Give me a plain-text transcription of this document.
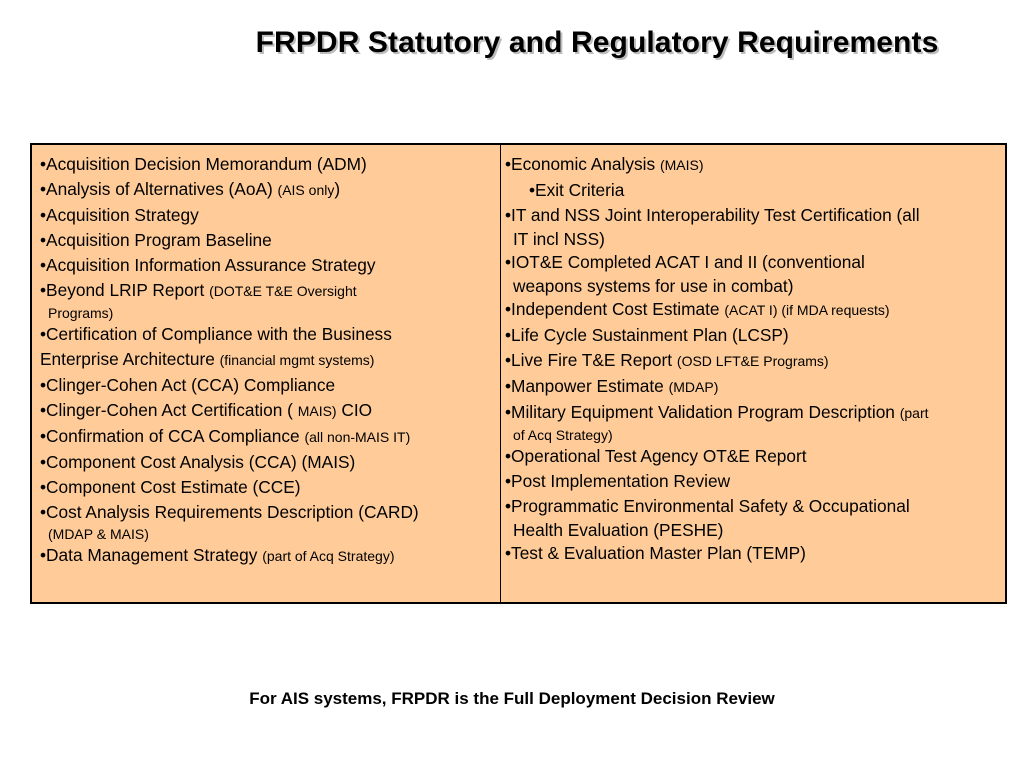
FRPDR Statutory and Regulatory Requirements
•Acquisition Decision Memorandum (ADM)
•Analysis of Alternatives (AoA) (AIS only)
•Acquisition Strategy
•Acquisition Program Baseline
•Acquisition Information Assurance Strategy
•Beyond LRIP Report (DOT&E T&E Oversight
Programs)
•Certification of Compliance with the Business
Enterprise Architecture (financial mgmt systems)
•Clinger-Cohen Act (CCA) Compliance
•Clinger-Cohen Act Certification ( MAIS) CIO
•Confirmation of CCA Compliance (all non-MAIS IT)
•Component Cost Analysis (CCA) (MAIS)
•Component Cost Estimate (CCE)
•Cost Analysis Requirements Description (CARD)
(MDAP & MAIS)
•Data Management Strategy (part of Acq Strategy)
•Economic Analysis (MAIS)
•Exit Criteria
•IT and NSS Joint Interoperability Test Certification (all
IT incl NSS)
•IOT&E Completed ACAT I and II (conventional
weapons systems for use in combat)
•Independent Cost Estimate (ACAT I) (if MDA requests)
•Life Cycle Sustainment Plan (LCSP)
•Live Fire T&E Report (OSD LFT&E Programs)
•Manpower Estimate (MDAP)
•Military Equipment Validation Program Description (part
of Acq Strategy)
•Operational Test Agency OT&E Report
•Post Implementation Review
•Programmatic Environmental Safety & Occupational
Health Evaluation (PESHE)
•Test & Evaluation Master Plan (TEMP)
For AIS systems, FRPDR is the Full Deployment Decision Review
